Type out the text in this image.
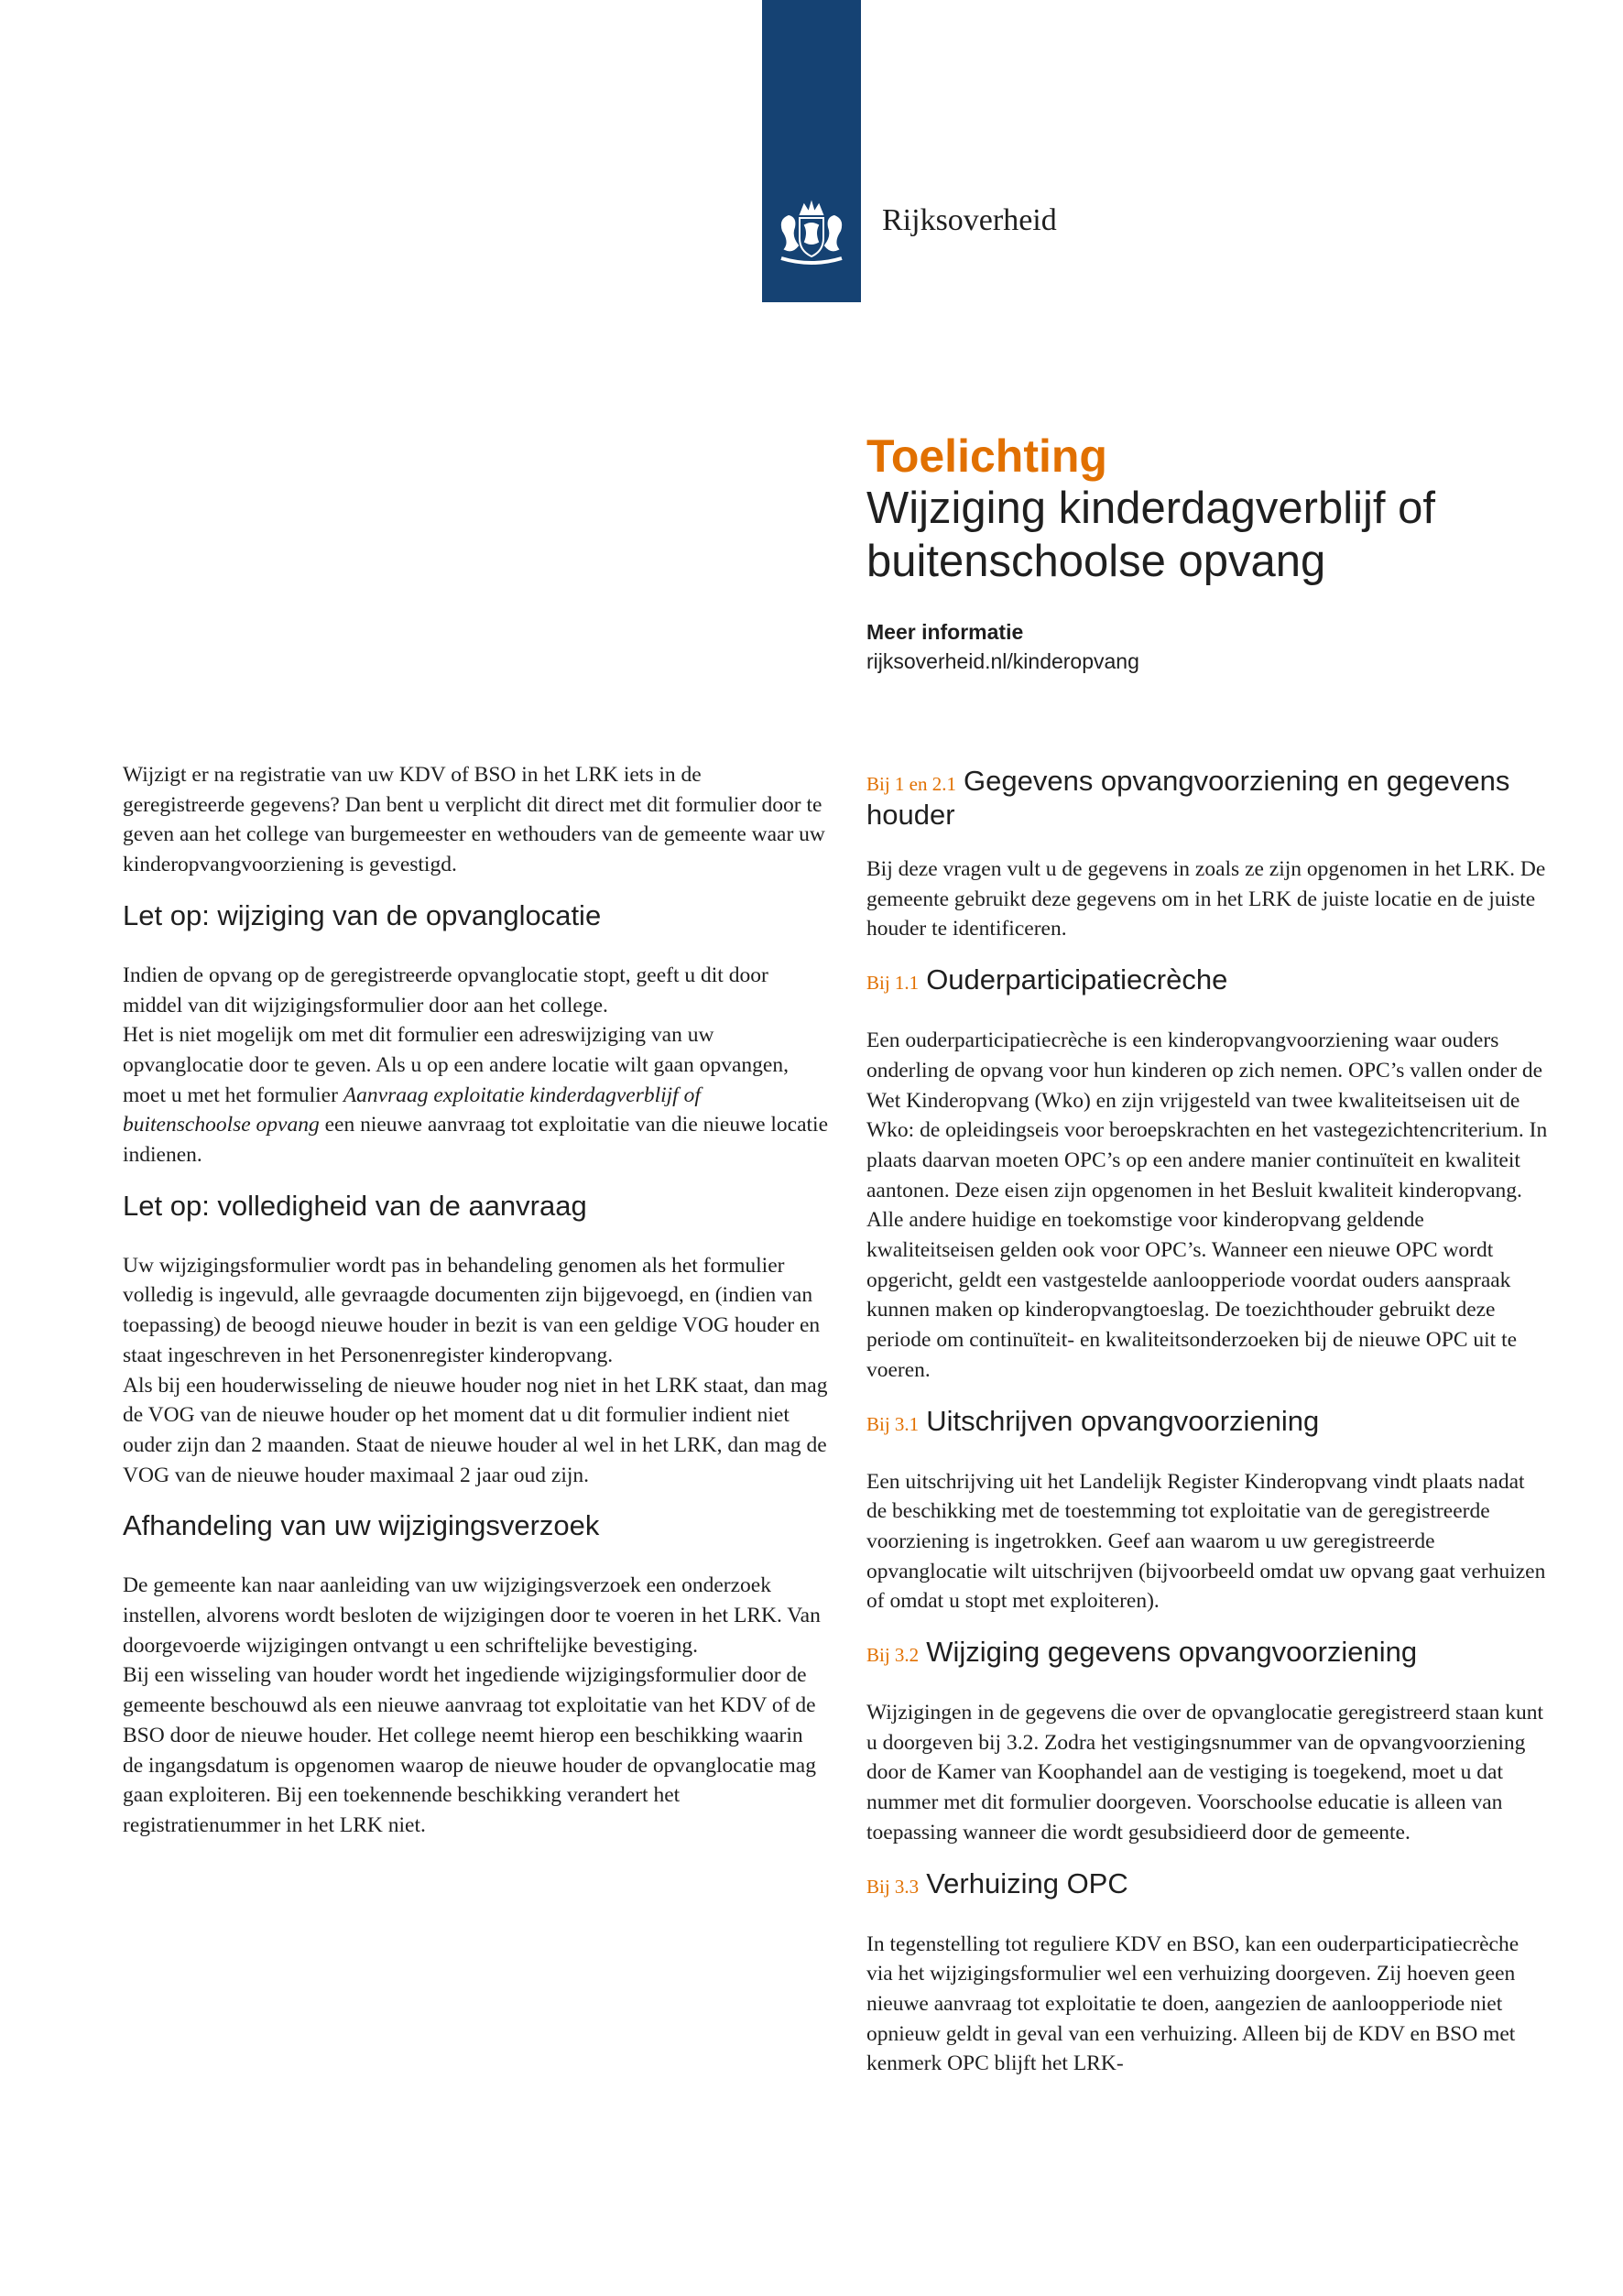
Rijksoverheid
Toelichting
Wijziging kinderdagverblijf of
buitenschoolse opvang
Meer informatie
rijksoverheid.nl/kinderopvang

Wijzigt er na registratie van uw KDV of BSO in het LRK iets in de geregistreerde gegevens? Dan bent u verplicht dit direct met dit formulier door te geven aan het college van burgemeester en wethouders van de gemeente waar uw kinderopvangvoorziening is gevestigd.

Let op: wijziging van de opvanglocatie

Indien de opvang op de geregistreerde opvanglocatie stopt, geeft u dit door middel van dit wijzigingsformulier door aan het college.

Het is niet mogelijk om met dit formulier een adreswijziging van uw opvanglocatie door te geven. Als u op een andere locatie wilt gaan opvangen, moet u met het formulier Aanvraag exploitatie kinderdagverblijf of buitenschoolse opvang een nieuwe aanvraag tot exploitatie van die nieuwe locatie indienen.

Let op: volledigheid van de aanvraag

Uw wijzigingsformulier wordt pas in behandeling genomen als het formulier volledig is ingevuld, alle gevraagde documenten zijn bijgevoegd, en (indien van toepassing) de beoogd nieuwe houder in bezit is van een geldige VOG houder en staat ingeschreven in het Personenregister kinderopvang.

Als bij een houderwisseling de nieuwe houder nog niet in het LRK staat, dan mag de VOG van de nieuwe houder op het moment dat u dit formulier indient niet ouder zijn dan 2 maanden. Staat de nieuwe houder al wel in het LRK, dan mag de VOG van de nieuwe houder maximaal 2 jaar oud zijn.

Afhandeling van uw wijzigingsverzoek

De gemeente kan naar aanleiding van uw wijzigingsverzoek een onderzoek instellen, alvorens wordt besloten de wijzigingen door te voeren in het LRK. Van doorgevoerde wijzigingen ontvangt u een schriftelijke bevestiging.

Bij een wisseling van houder wordt het ingediende wijzigingsformulier door de gemeente beschouwd als een nieuwe aanvraag tot exploitatie van het KDV of de BSO door de nieuwe houder. Het college neemt hierop een beschikking waarin de ingangsdatum is opgenomen waarop de nieuwe houder de opvanglocatie mag gaan exploiteren. Bij een toekennende beschikking verandert het registratienummer in het LRK niet.

Bij 1 en 2.1 Gegevens opvangvoorziening en gegevens houder

Bij deze vragen vult u de gegevens in zoals ze zijn opgenomen in het LRK. De gemeente gebruikt deze gegevens om in het LRK de juiste locatie en de juiste houder te identificeren.

Bij 1.1 Ouderparticipatiecrèche

Een ouderparticipatiecrèche is een kinderopvangvoorziening waar ouders onderling de opvang voor hun kinderen op zich nemen. OPC’s vallen onder de Wet Kinderopvang (Wko) en zijn vrijgesteld van twee kwaliteitseisen uit de Wko: de opleidingseis voor beroepskrachten en het vastegezichtencriterium. In plaats daarvan moeten OPC’s op een andere manier continuïteit en kwaliteit aantonen. Deze eisen zijn opgenomen in het Besluit kwaliteit kinderopvang. Alle andere huidige en toekomstige voor kinderopvang geldende kwaliteitseisen gelden ook voor OPC’s. Wanneer een nieuwe OPC wordt opgericht, geldt een vastgestelde aanloopperiode voordat ouders aanspraak kunnen maken op kinderopvangtoeslag. De toezichthouder gebruikt deze periode om continuïteit- en kwaliteitsonderzoeken bij de nieuwe OPC uit te voeren.

Bij 3.1 Uitschrijven opvangvoorziening

Een uitschrijving uit het Landelijk Register Kinderopvang vindt plaats nadat de beschikking met de toestemming tot exploitatie van de geregistreerde voorziening is ingetrokken. Geef aan waarom u uw geregistreerde opvanglocatie wilt uitschrijven (bijvoorbeeld omdat uw opvang gaat verhuizen of omdat u stopt met exploiteren).

Bij 3.2 Wijziging gegevens opvangvoorziening

Wijzigingen in de gegevens die over de opvanglocatie geregistreerd staan kunt u doorgeven bij 3.2. Zodra het vestigingsnummer van de opvangvoorziening door de Kamer van Koophandel aan de vestiging is toegekend, moet u dat nummer met dit formulier doorgeven. Voorschoolse educatie is alleen van toepassing wanneer die wordt gesubsidieerd door de gemeente.

Bij 3.3 Verhuizing OPC

In tegenstelling tot reguliere KDV en BSO, kan een ouderparticipatiecrèche via het wijzigingsformulier wel een verhuizing doorgeven. Zij hoeven geen nieuwe aanvraag tot exploitatie te doen, aangezien de aanloopperiode niet opnieuw geldt in geval van een verhuizing. Alleen bij de KDV en BSO met kenmerk OPC blijft het LRK-
